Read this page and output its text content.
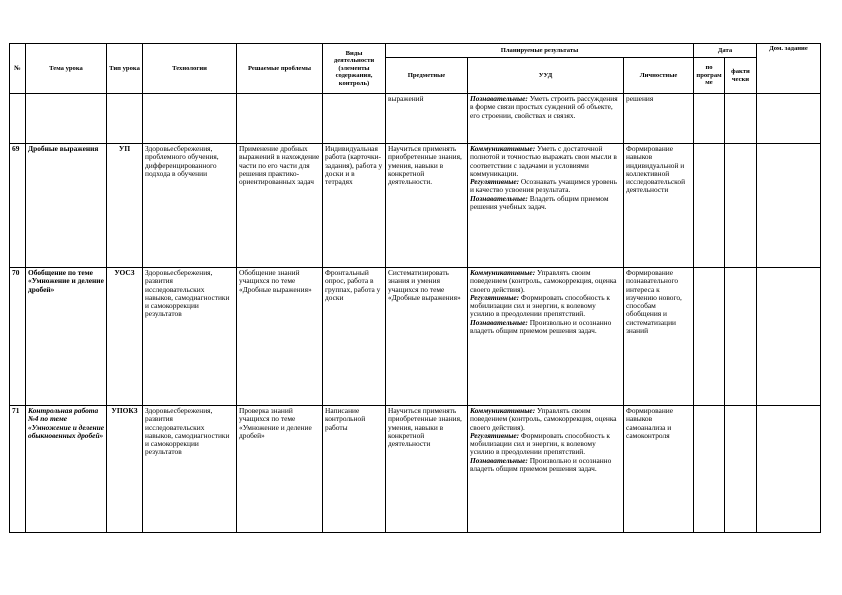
№	Тема урока	Тип урока	Технологии	Решаемые проблемы	Виды деятельности (элементы содержания, контроль)	Планируемые результаты			Дата		Дом. задание
						Предметные	УУД	Личностные	по програм ме	факти чески	
						выражений	Познавательные: Уметь строить рассуждения в форме связи простых суждений об объекте, его строении, свойствах и связях.	решения			
69	Дробные выражения	УП	Здоровьесбережения, проблемного обучения, дифференцированного подхода в обучении	Применение дробных выражений в нахождение части по его части для решения практико-ориентированных задач	Индивидуальная работа (карточки-задания), работа у доски и в тетрадях	Научиться применять приобретенные знания, умения, навыки в конкретной деятельности.	Коммуникативные: Уметь с достаточной полнотой и точностью выражать свои мысли в соответствии с задачами и условиями коммуникации.
Регулятивные: Осознавать учащимся уровень и качество усвоения результата.
Познавательные: Владеть общим приемом решения учебных задач.	Формирование навыков индивидуальной и коллективной исследовательской деятельности			
70	Обобщение по теме «Умножение и деление дробей»	УОСЗ	Здоровьесбережения, развития исследовательских навыков, самодиагностики и самокоррекции результатов	Обобщение знаний учащихся по теме «Дробные выражения»	Фронтальный опрос, работа в группах, работа у доски	Систематизировать знания и умения учащихся по теме «Дробные выражения»	Коммуникативные: Управлять своим поведением (контроль, самокоррекция, оценка своего действия).
Регулятивные: Формировать способность к мобилизации сил и энергии, к волевому усилию в преодолении препятствий.
Познавательные: Произвольно и осознанно владеть общим приемом решения задач.	Формирование познавательного интереса к изучению нового, способам обобщения и систематизации знаний			
71	Контрольная работа №4 по теме «Умножение и деление обыкновенных дробей»	УПОКЗ	Здоровьесбережения, развития исследовательских навыков, самодиагностики и самокоррекции результатов	Проверка знаний учащихся по теме «Умножение и деление дробей»	Написание контрольной работы	Научиться применять приобретенные знания, умения, навыки в конкретной деятельности	Коммуникативные: Управлять своим поведением (контроль, самокоррекция, оценка своего действия).
Регулятивные: Формировать способность к мобилизации сил и энергии, к волевому усилию в преодолении препятствий.
Познавательные: Произвольно и осознанно владеть общим приемом решения задач.	Формирование навыков самоанализа и самоконтроля			
